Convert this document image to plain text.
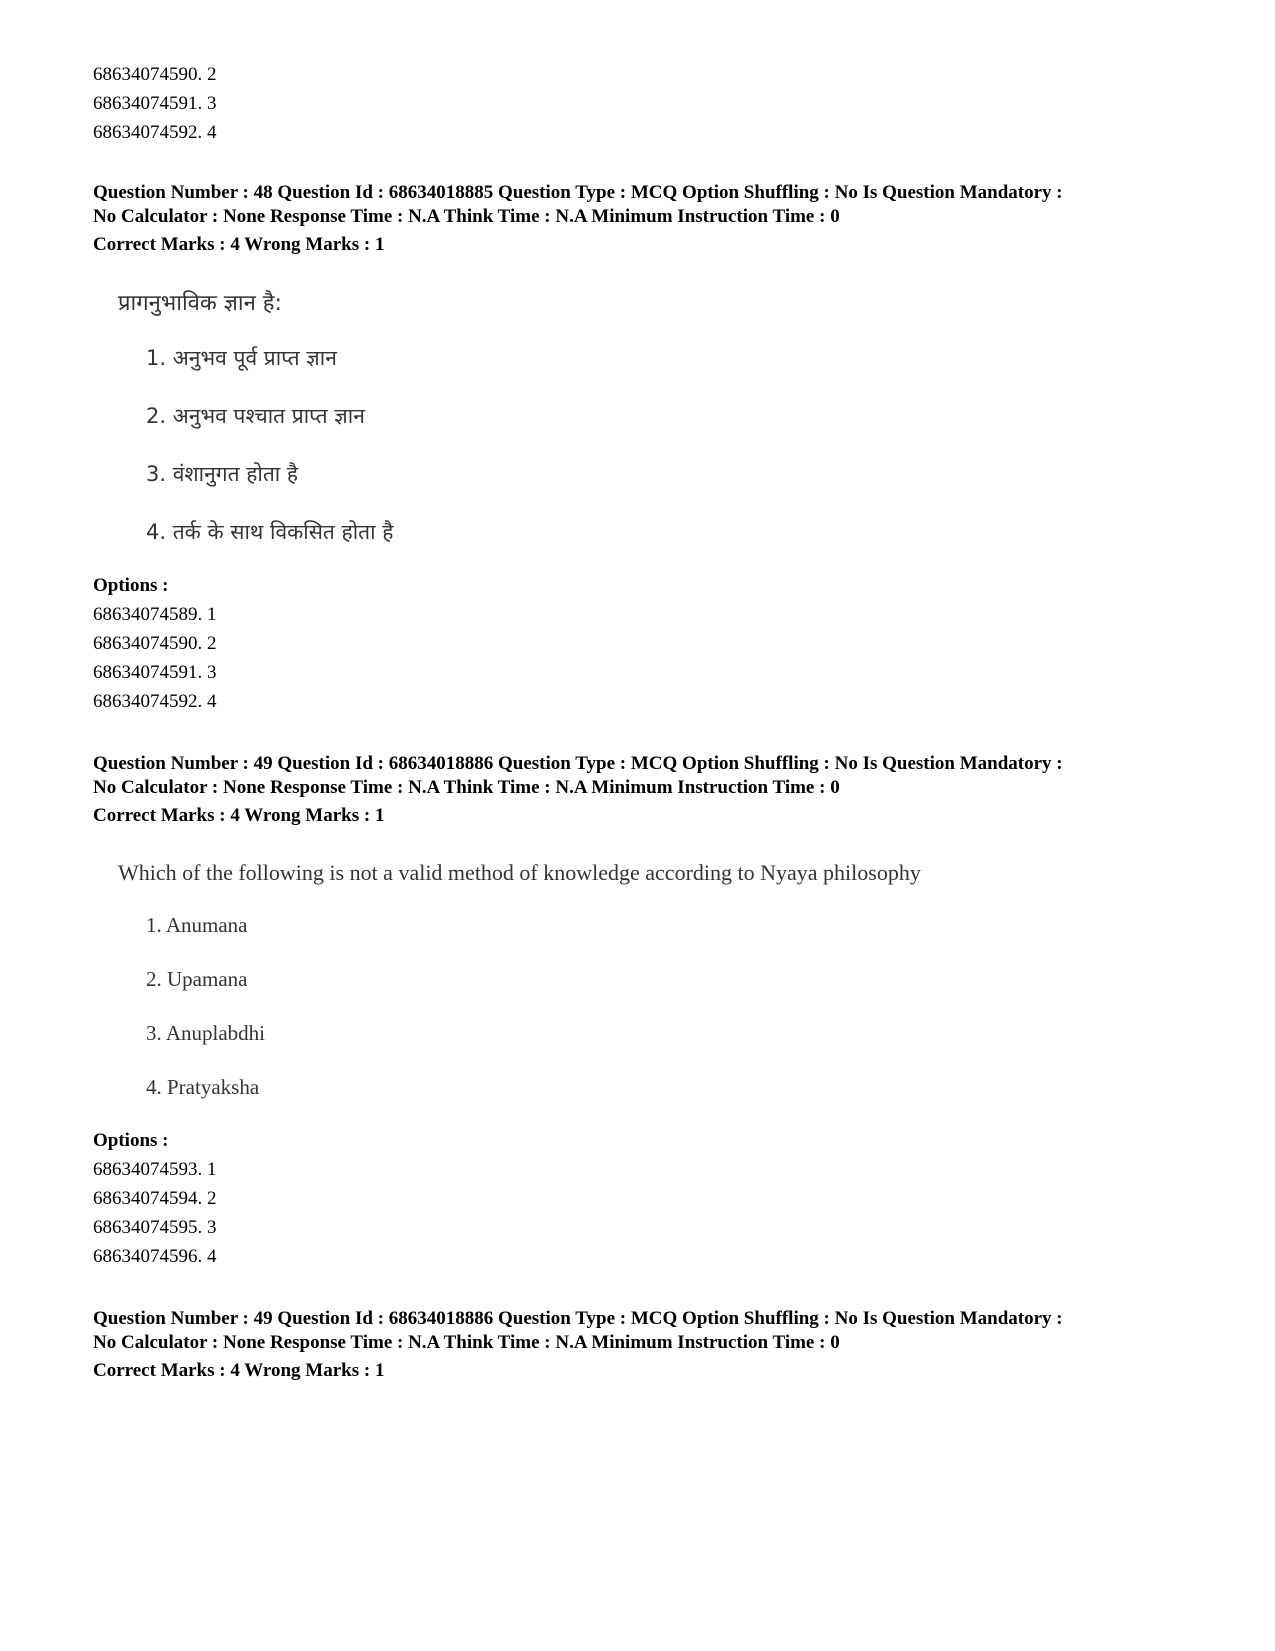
68634074590. 2
68634074591. 3
68634074592. 4
Question Number : 48 Question Id : 68634018885 Question Type : MCQ Option Shuffling : No Is Question Mandatory :
No Calculator : None Response Time : N.A Think Time : N.A Minimum Instruction Time : 0
Correct Marks : 4 Wrong Marks : 1
प्रागनुभाविक ज्ञान है:
1. अनुभव पूर्व प्राप्त ज्ञान
2. अनुभव पश्चात प्राप्त ज्ञान
3. वंशानुगत होता है
4. तर्क के साथ विकसित होता है
Options :
68634074589. 1
68634074590. 2
68634074591. 3
68634074592. 4
Question Number : 49 Question Id : 68634018886 Question Type : MCQ Option Shuffling : No Is Question Mandatory :
No Calculator : None Response Time : N.A Think Time : N.A Minimum Instruction Time : 0
Correct Marks : 4 Wrong Marks : 1
Which of the following is not a valid method of knowledge according to Nyaya philosophy
1. Anumana
2. Upamana
3. Anuplabdhi
4. Pratyaksha
Options :
68634074593. 1
68634074594. 2
68634074595. 3
68634074596. 4
Question Number : 49 Question Id : 68634018886 Question Type : MCQ Option Shuffling : No Is Question Mandatory :
No Calculator : None Response Time : N.A Think Time : N.A Minimum Instruction Time : 0
Correct Marks : 4 Wrong Marks : 1
